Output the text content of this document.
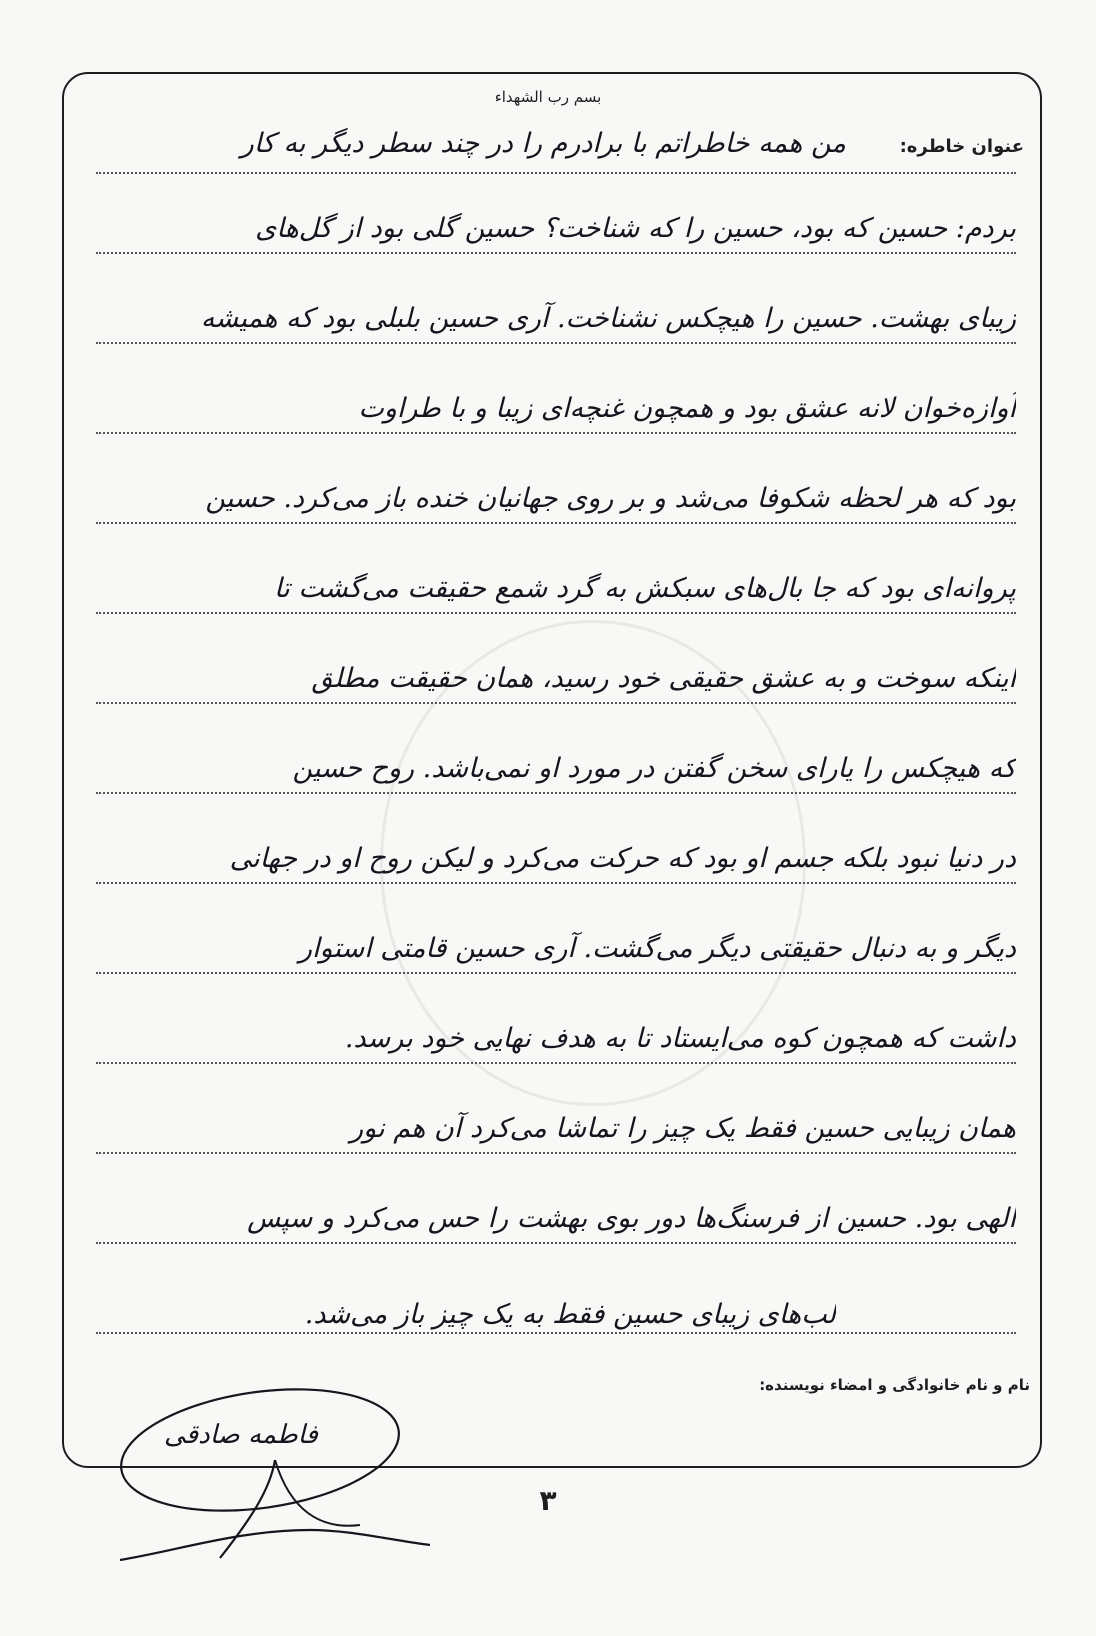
بسم رب الشهداء
عنوان خاطره:
من همه خاطراتم با برادرم را در چند سطر دیگر به کار
بردم: حسین که بود، حسین را که شناخت؟ حسین گلی بود از گل‌های
زیبای بهشت. حسین را هیچکس نشناخت. آری حسین بلبلی بود که همیشه
آوازه‌خوان لانه عشق بود و همچون غنچه‌ای زیبا و با طراوت
بود که هر لحظه شکوفا می‌شد و بر روی جهانیان خنده باز می‌کرد. حسین
پروانه‌ای بود که جا بال‌های سبکش به گرد شمع حقیقت می‌گشت تا
اینکه سوخت و به عشق حقیقی خود رسید، همان حقیقت مطلق
که هیچکس را یارای سخن گفتن در مورد او نمی‌باشد. روح حسین
در دنیا نبود بلکه جسم او بود که حرکت می‌کرد و لیکن روح او در جهانی
دیگر و به دنبال حقیقتی دیگر می‌گشت. آری حسین قامتی استوار
داشت که همچون کوه می‌ایستاد تا به هدف نهایی خود برسد.
همان زیبایی حسین فقط یک چیز را تماشا می‌کرد آن هم نور
الهی بود. حسین از فرسنگ‌ها دور بوی بهشت را حس می‌کرد و سپس
لب‌های زیبای حسین فقط به یک چیز باز می‌شد.
نام و نام خانوادگی و امضاء نویسنده:
فاطمه صادقی
۳
